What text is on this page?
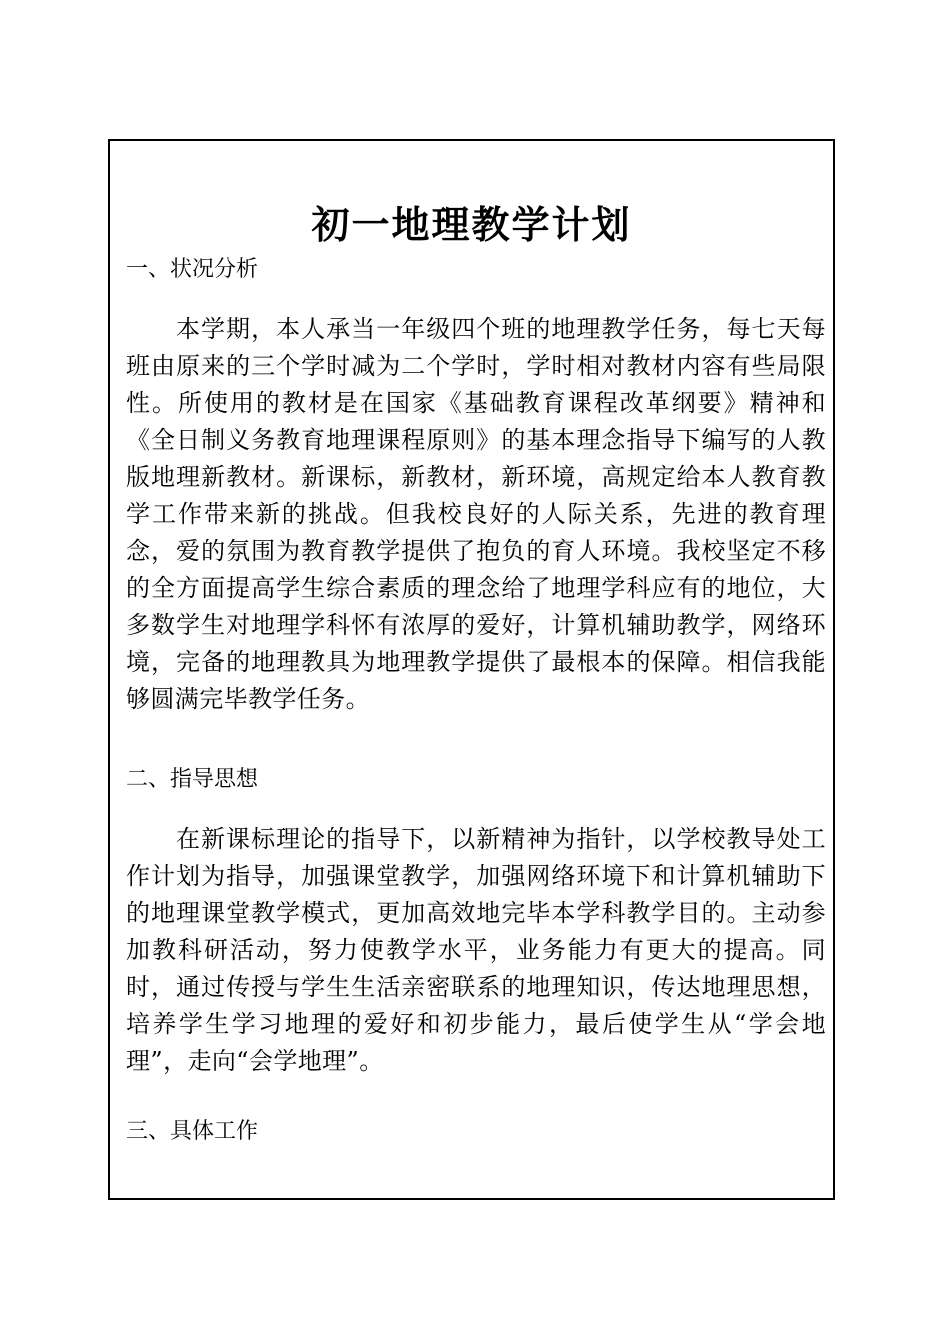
初一地理教学计划
一、状况分析

本学期，本人承当一年级四个班的地理教学任务，每七天每班由原来的三个学时减为二个学时，学时相对教材内容有些局限性。所使用的教材是在国家《基础教育课程改革纲要》精神和《全日制义务教育地理课程原则》的基本理念指导下编写的人教版地理新教材。新课标，新教材，新环境，高规定给本人教育教学工作带来新的挑战。但我校良好的人际关系，先进的教育理念，爱的氛围为教育教学提供了抱负的育人环境。我校坚定不移的全方面提高学生综合素质的理念给了地理学科应有的地位，大多数学生对地理学科怀有浓厚的爱好，计算机辅助教学，网络环境，完备的地理教具为地理教学提供了最根本的保障。相信我能够圆满完毕教学任务。

二、指导思想

在新课标理论的指导下，以新精神为指针，以学校教导处工作计划为指导，加强课堂教学，加强网络环境下和计算机辅助下的地理课堂教学模式，更加高效地完毕本学科教学目的。主动参加教科研活动，努力使教学水平，业务能力有更大的提高。同时，通过传授与学生生活亲密联系的地理知识，传达地理思想，培养学生学习地理的爱好和初步能力，最后使学生从“学会地理”，走向“会学地理”。

三、具体工作
